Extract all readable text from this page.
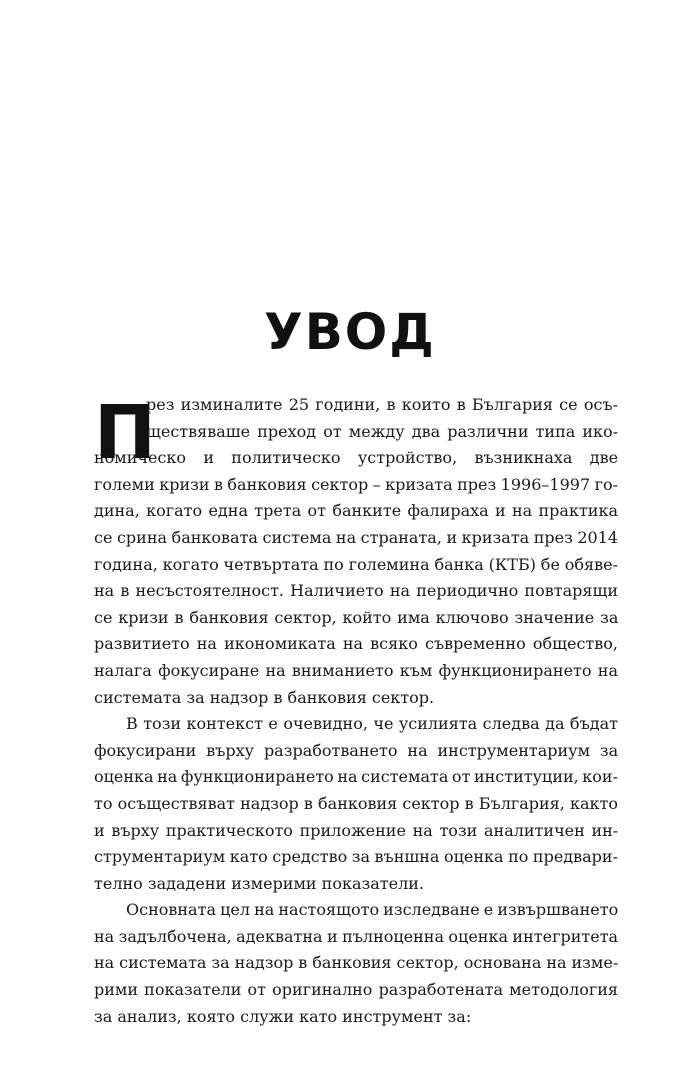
УВОД
П
рез изминалите 25 години, в които в България се осъ-
ществяваше преход от между два различни типа ико-
номическо и политическо устройство, възникнаха две
големи кризи в банковия сектор – кризата през 1996–1997 го-
дина, когато една трета от банките фалираха и на практика
се срина банковата система на страната, и кризата през 2014
година, когато четвъртата по големина банка (КТБ) бе обявe-
на в несъстоятелност. Наличието на периодично повтарящи
се кризи в банковия сектор, който има ключово значение за
развитието на икономиката на всяко съвременно общество,
налага фокусиране на вниманието към функционирането на
системата за надзор в банковия сектор.
В този контекст е очевидно, че усилията следва да бъдат
фокусирани върху разработването на инструментариум за
оценка на функционирането на системата от институции, кои-
то осъществяват надзор в банковия сектор в България, както
и върху практическото приложение на този аналитичен ин-
струментариум като средство за външна оценка по предвари-
телно зададени измерими показатели.
Основната цел на настоящото изследване е извършването
на задълбочена, адекватна и пълноценна оценка интегритета
на системата за надзор в банковия сектор, основана на изме-
рими показатели от оригинално разработената методология
за анализ, която служи като инструмент за:
